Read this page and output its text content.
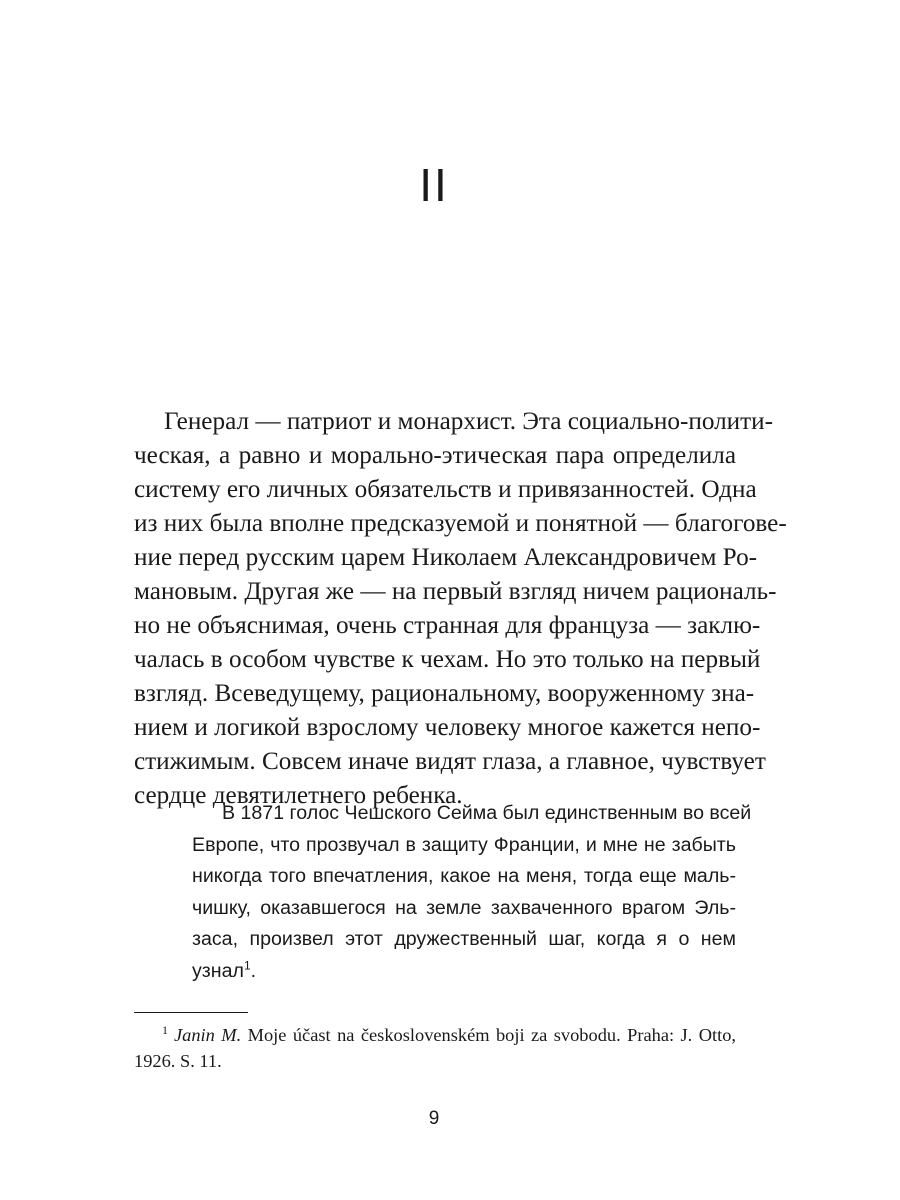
II
Генерал — патриот и монархист. Эта социально-полити-
ческая, а равно и морально-этическая пара определила
систему его личных обязательств и привязанностей. Одна
из них была вполне предсказуемой и понятной — благогове-
ние перед русским царем Николаем Александровичем Ро-
мановым. Другая же — на первый взгляд ничем рациональ-
но не объяснимая, очень странная для француза — заклю-
чалась в особом чувстве к чехам. Но это только на первый
взгляд. Всеведущему, рациональному, вооруженному зна-
нием и логикой взрослому человеку многое кажется непо-
стижимым. Совсем иначе видят глаза, а главное, чувствует
сердце девятилетнего ребенка.
В 1871 голос Чешского Сейма был единственным во всей
Европе, что прозвучал в защиту Франции, и мне не забыть
никогда того впечатления, какое на меня, тогда еще маль-
чишку, оказавшегося на земле захваченного врагом Эль-
заса, произвел этот дружественный шаг, когда я о нем
узнал$^1$.
$^1$ Janin M. Moje účast na československém boji za svobodu. Praha: J. Otto,
1926. S. 11.
9
